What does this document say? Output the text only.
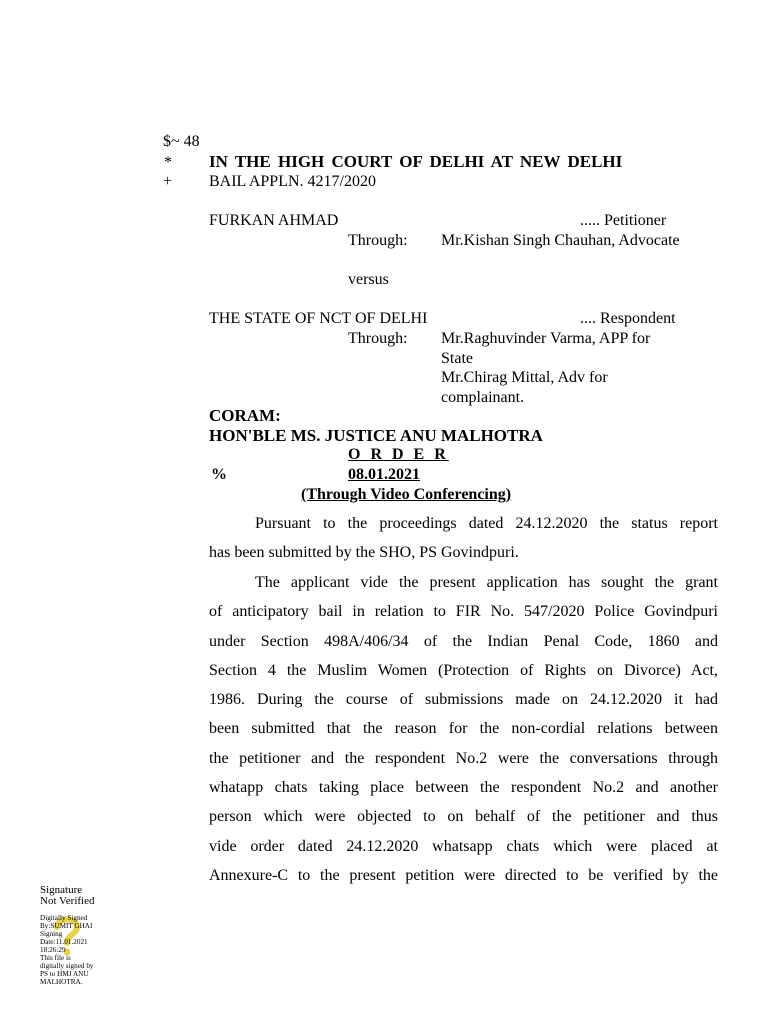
$~ 48
* IN THE HIGH COURT OF DELHI AT NEW DELHI
+ BAIL APPLN. 4217/2020
FURKAN AHMAD	..... Petitioner
Through: Mr.Kishan Singh Chauhan, Advocate
versus
THE STATE OF NCT OF DELHI	.... Respondent
Through: Mr.Raghuvinder Varma, APP for
State
Mr.Chirag Mittal, Adv for
complainant.
CORAM:
HON'BLE MS. JUSTICE ANU MALHOTRA
O R D E R
%	08.01.2021
(Through Video Conferencing)
Pursuant to the proceedings dated 24.12.2020 the status report
has been submitted by the SHO, PS Govindpuri.
The applicant vide the present application has sought the grant
of anticipatory bail in relation to FIR No. 547/2020 Police Govindpuri
under Section 498A/406/34 of the Indian Penal Code, 1860 and
Section 4 the Muslim Women (Protection of Rights on Divorce) Act,
1986. During the course of submissions made on 24.12.2020 it had
been submitted that the reason for the non-cordial relations between
the petitioner and the respondent No.2 were the conversations through
whatapp chats taking place between the respondent No.2 and another
person which were objected to on behalf of the petitioner and thus
vide order dated 24.12.2020 whatsapp chats which were placed at
Annexure-C to the present petition were directed to be verified by the
Signature
Not Verified
Digitally Signed
By:SUMIT GHAI
Signing
Date:11.01.2021
18:26:29
This file is
digitally signed by
PS to HMJ ANU
MALHOTRA.
